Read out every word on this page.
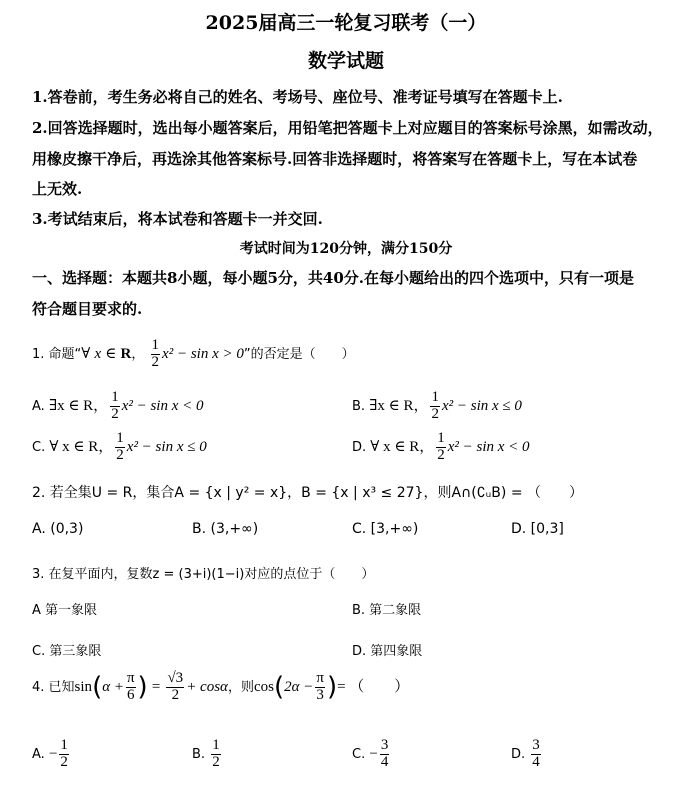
2025届高三一轮复习联考（一）
数学试题
1.答卷前，考生务必将自己的姓名、考场号、座位号、准考证号填写在答题卡上.
2.回答选择题时，选出每小题答案后，用铅笔把答题卡上对应题目的答案标号涂黑，如需改动，
用橡皮擦干净后，再选涂其他答案标号.回答非选择题时，将答案写在答题卡上，写在本试卷
上无效.
3.考试结束后，将本试卷和答题卡一并交回.
考试时间为120分钟，满分150分
一、选择题：本题共8小题，每小题5分，共40分.在每小题给出的四个选项中，只有一项是
符合题目要求的.
1. 命题“∀ x ∈ R， $\frac{1}{2} x^2 - \sin x > 0$”的否定是（　　）
A. ∃x ∈ R， $\frac{1}{2} x^2 - \sin x < 0$	B. ∃x ∈ R， $\frac{1}{2} x^2 - \sin x \le 0$
C. ∀ x ∈ R， $\frac{1}{2} x^2 - \sin x \le 0$	D. ∀ x ∈ R， $\frac{1}{2} x^2 - \sin x < 0$
2. 若全集U = R，集合A = {x | y² = x}，B = {x | x³ ≤ 27}，则A∩(∁ᵤB) = （　　）
A. (0,3)	B. (3,+∞)	C. [3,+∞)	D. [0,3]
3. 在复平面内，复数z = (3+i)(1−i)对应的点位于（　　）
A 第一象限	B. 第二象限
C. 第三象限	D. 第四象限
4. 已知$\sin(\alpha + \frac{\pi}{6}$ ) = $\frac{√3}{2} + \cos\alpha$，则$\cos(2\alpha - \frac{\pi}{3}$ )= （　　）
A. − $\frac{1}{2}$	B. $\frac{1}{2}$	C. − $\frac{3}{4}$	D. $\frac{3}{4}$
